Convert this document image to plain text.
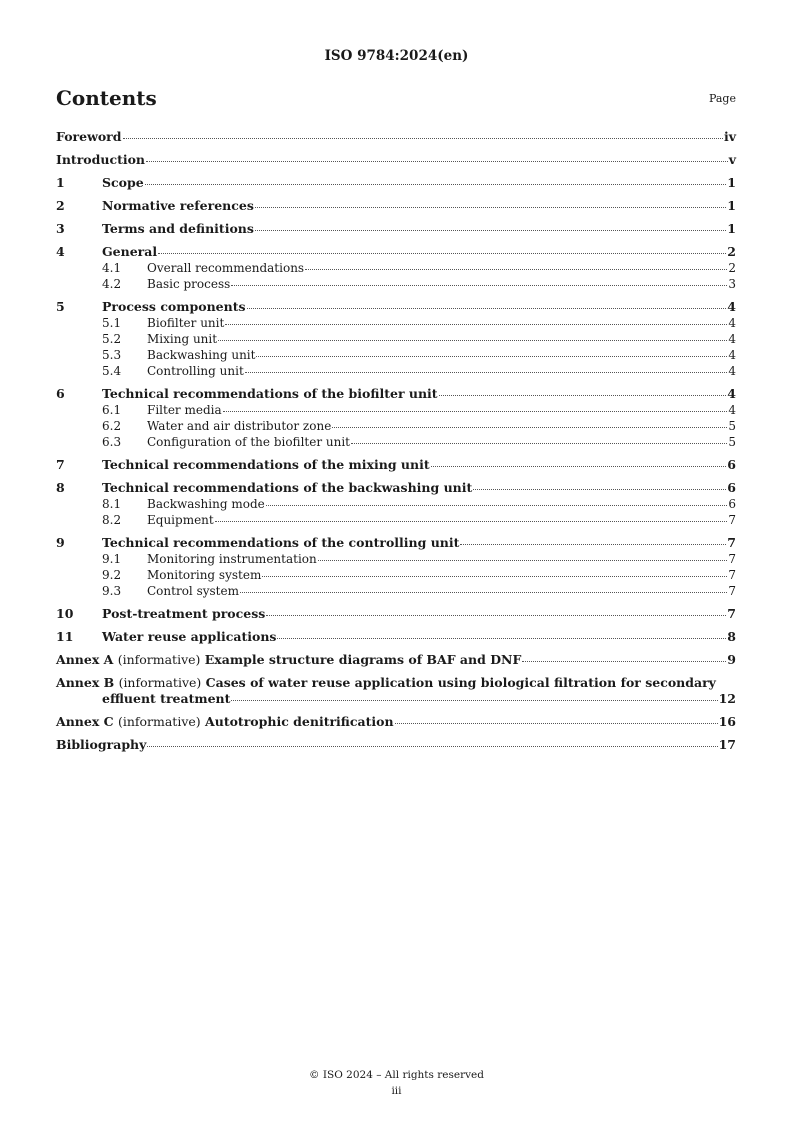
ISO 9784:2024(en)
Contents	Page
Foreword	iv
Introduction	v
1	Scope	1
2	Normative references	1
3	Terms and definitions	1
4	General	2
4.1	Overall recommendations	2
4.2	Basic process	3
5	Process components	4
5.1	Biofilter unit	4
5.2	Mixing unit	4
5.3	Backwashing unit	4
5.4	Controlling unit	4
6	Technical recommendations of the biofilter unit	4
6.1	Filter media	4
6.2	Water and air distributor zone	5
6.3	Configuration of the biofilter unit	5
7	Technical recommendations of the mixing unit	6
8	Technical recommendations of the backwashing unit	6
8.1	Backwashing mode	6
8.2	Equipment	7
9	Technical recommendations of the controlling unit	7
9.1	Monitoring instrumentation	7
9.2	Monitoring system	7
9.3	Control system	7
10	Post-treatment process	7
11	Water reuse applications	8
Annex A (informative) Example structure diagrams of BAF and DNF	9
Annex B (informative) Cases of water reuse application using biological filtration for secondary
effluent treatment	12
Annex C (informative) Autotrophic denitrification	16
Bibliography	17
© ISO 2024 – All rights reserved
iii
